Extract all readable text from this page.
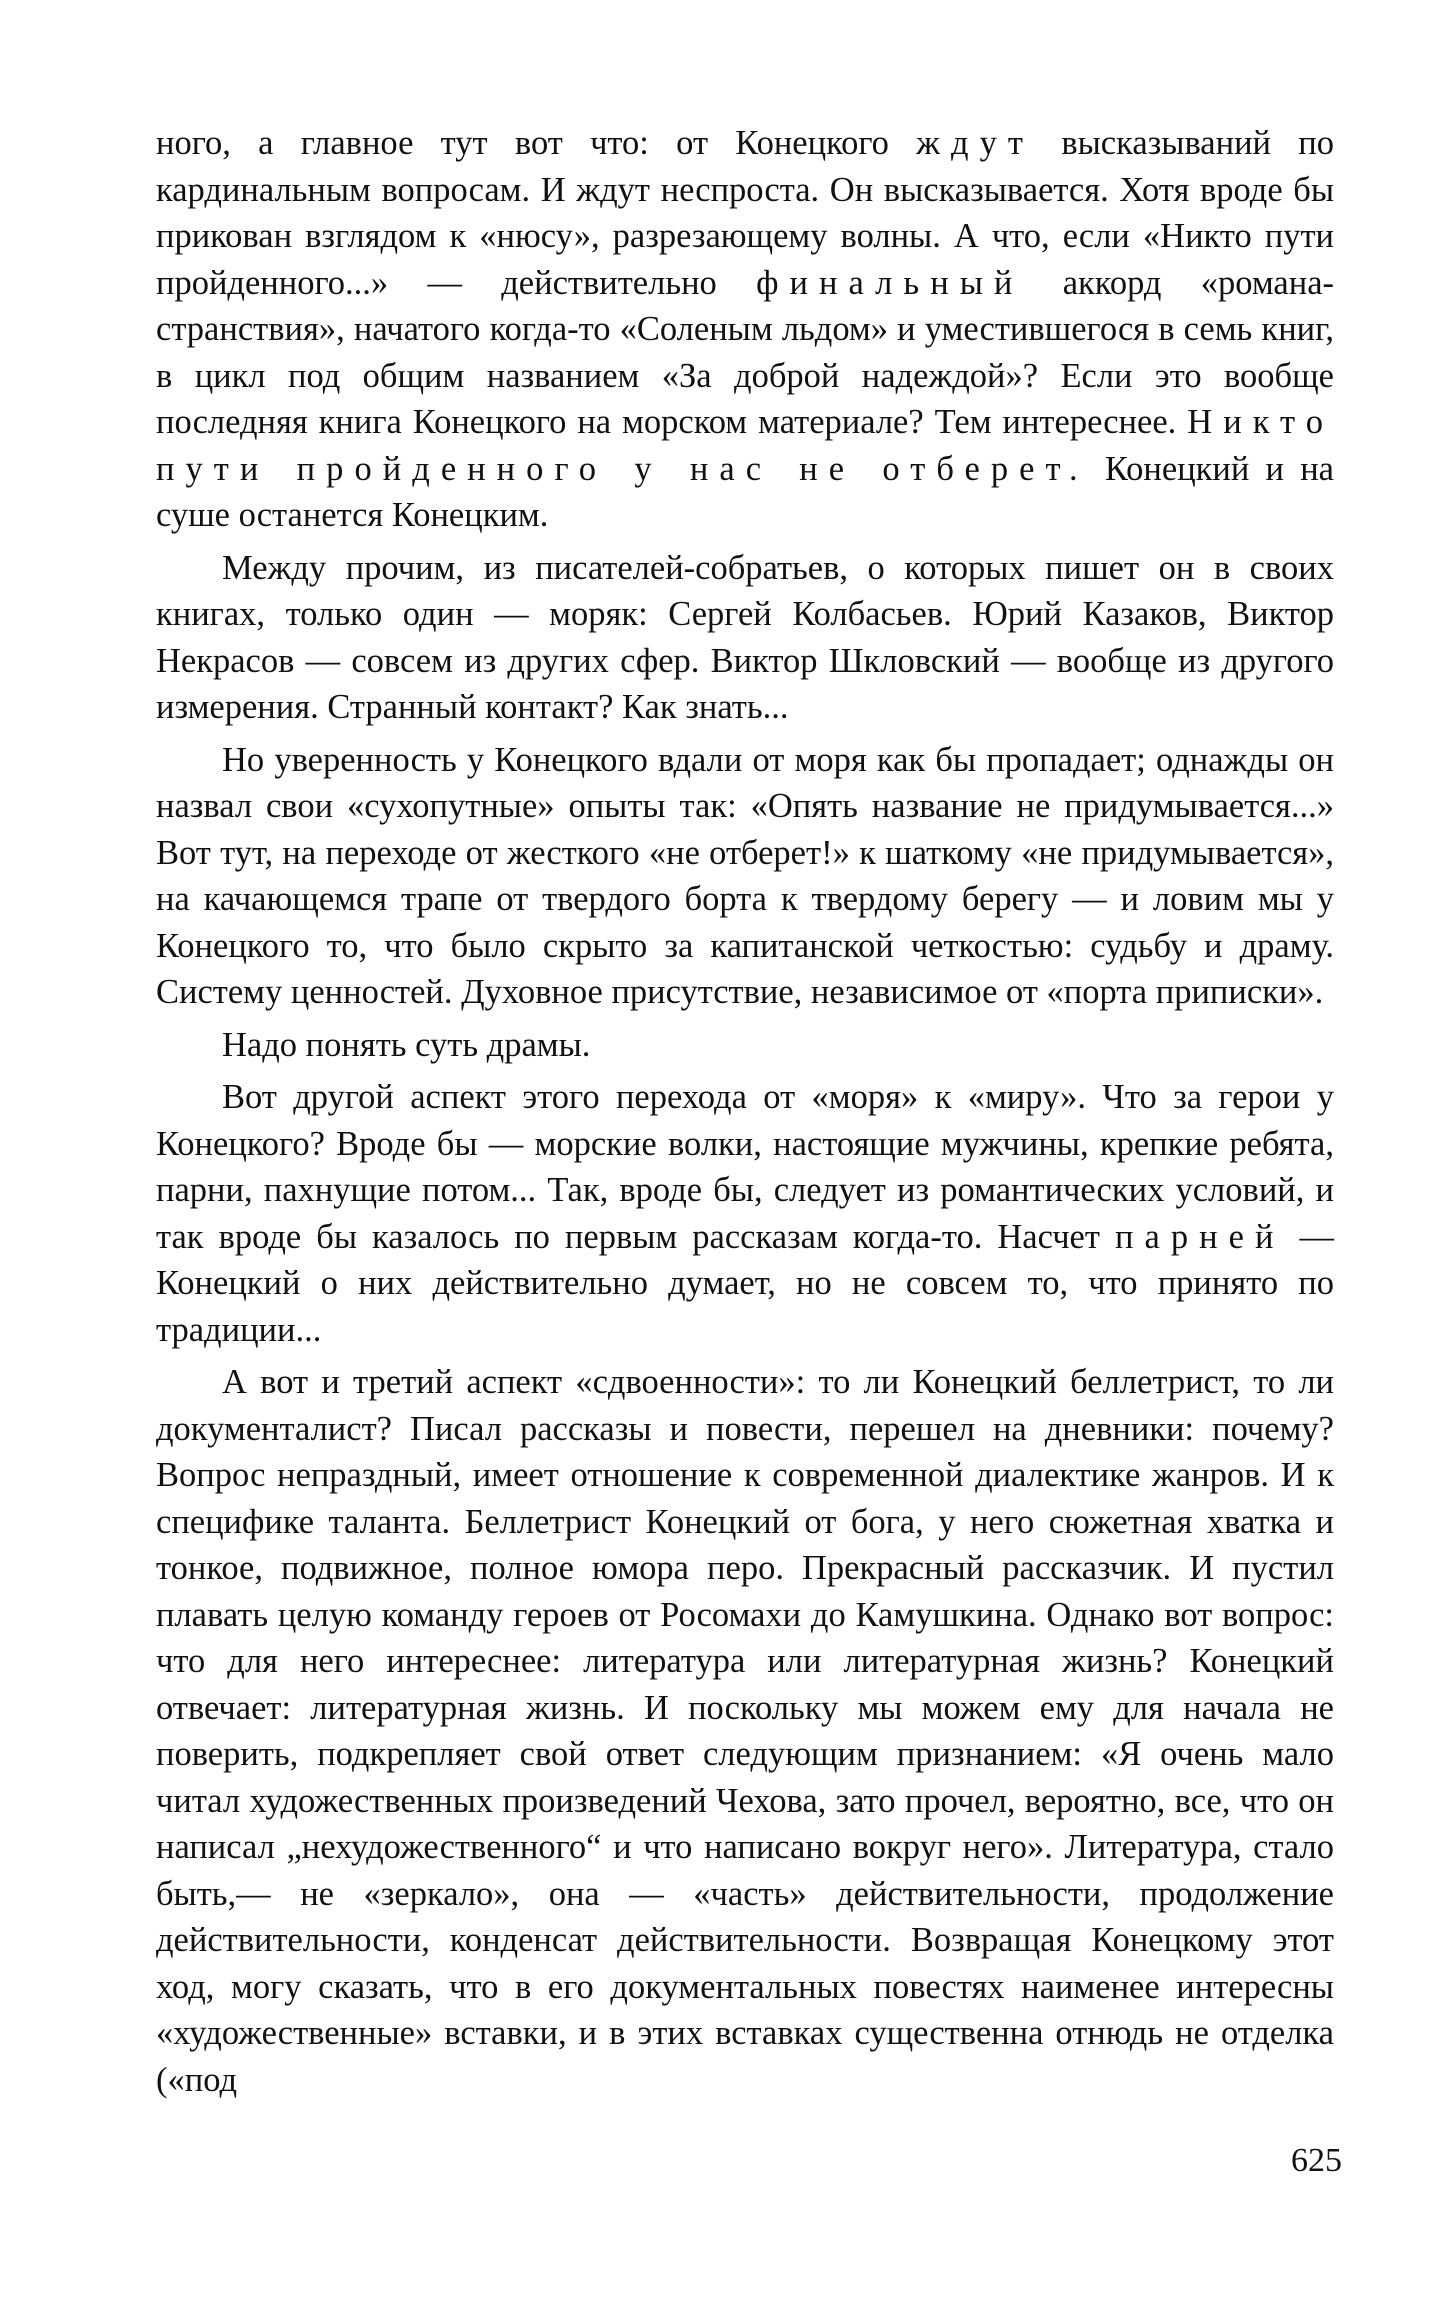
ного, а главное тут вот что: от Конецкого ждут высказываний по кардинальным вопросам. И ждут неспроста. Он высказывается. Хотя вроде бы прикован взглядом к «нюсу», разрезающему волны. А что, если «Никто пути пройденного...» — действительно финальный аккорд «романа-странствия», начатого когда-то «Соленым льдом» и уместившегося в семь книг, в цикл под общим названием «За доброй надеждой»? Если это вообще последняя книга Конецкого на морском материале? Тем интереснее. Никто пути пройденного у нас не отберет. Конецкий и на суше останется Конецким.

Между прочим, из писателей-собратьев, о которых пишет он в своих книгах, только один — моряк: Сергей Колбасьев. Юрий Казаков, Виктор Некрасов — совсем из других сфер. Виктор Шкловский — вообще из другого измерения. Странный контакт? Как знать...

Но уверенность у Конецкого вдали от моря как бы пропадает; однажды он назвал свои «сухопутные» опыты так: «Опять название не придумывается...» Вот тут, на переходе от жесткого «не отберет!» к шаткому «не придумывается», на качающемся трапе от твердого борта к твердому берегу — и ловим мы у Конецкого то, что было скрыто за капитанской четкостью: судьбу и драму. Систему ценностей. Духовное присутствие, независимое от «порта приписки».

Надо понять суть драмы.

Вот другой аспект этого перехода от «моря» к «миру». Что за герои у Конецкого? Вроде бы — морские волки, настоящие мужчины, крепкие ребята, парни, пахнущие потом... Так, вроде бы, следует из романтических условий, и так вроде бы казалось по первым рассказам когда-то. Насчет парней — Конецкий о них действительно думает, но не совсем то, что принято по традиции...

А вот и третий аспект «сдвоенности»: то ли Конецкий беллетрист, то ли документалист? Писал рассказы и повести, перешел на дневники: почему? Вопрос непраздный, имеет отношение к современной диалектике жанров. И к специфике таланта. Беллетрист Конецкий от бога, у него сюжетная хватка и тонкое, подвижное, полное юмора перо. Прекрасный рассказчик. И пустил плавать целую команду героев от Росомахи до Камушкина. Однако вот вопрос: что для него интереснее: литература или литературная жизнь? Конецкий отвечает: литературная жизнь. И поскольку мы можем ему для начала не поверить, подкрепляет свой ответ следующим признанием: «Я очень мало читал художественных произведений Чехова, зато прочел, вероятно, все, что он написал „нехудожественного“ и что написано вокруг него». Литература, стало быть,— не «зеркало», она — «часть» действительности, продолжение действительности, конденсат действительности. Возвращая Конецкому этот ход, могу сказать, что в его документальных повестях наименее интересны «художественные» вставки, и в этих вставках существенна отнюдь не отделка («под

625
